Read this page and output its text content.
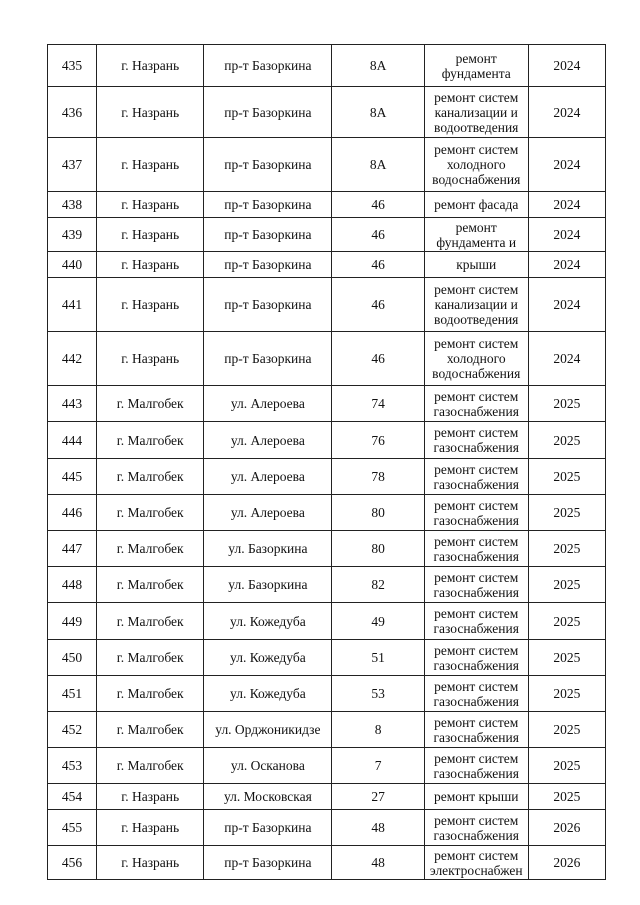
435	г. Назрань	пр-т Базоркина	8А	ремонт фундамента	2024
436	г. Назрань	пр-т Базоркина	8А	ремонт систем канализации и водоотведения	2024
437	г. Назрань	пр-т Базоркина	8А	ремонт систем холодного водоснабжения	2024
438	г. Назрань	пр-т Базоркина	46	ремонт фасада	2024
439	г. Назрань	пр-т Базоркина	46	ремонт фундамента и	2024
440	г. Назрань	пр-т Базоркина	46	крыши	2024
441	г. Назрань	пр-т Базоркина	46	ремонт систем канализации и водоотведения	2024
442	г. Назрань	пр-т Базоркина	46	ремонт систем холодного водоснабжения	2024
443	г. Малгобек	ул. Алероева	74	ремонт систем газоснабжения	2025
444	г. Малгобек	ул. Алероева	76	ремонт систем газоснабжения	2025
445	г. Малгобек	ул. Алероева	78	ремонт систем газоснабжения	2025
446	г. Малгобек	ул. Алероева	80	ремонт систем газоснабжения	2025
447	г. Малгобек	ул. Базоркина	80	ремонт систем газоснабжения	2025
448	г. Малгобек	ул. Базоркина	82	ремонт систем газоснабжения	2025
449	г. Малгобек	ул. Кожедуба	49	ремонт систем газоснабжения	2025
450	г. Малгобек	ул. Кожедуба	51	ремонт систем газоснабжения	2025
451	г. Малгобек	ул. Кожедуба	53	ремонт систем газоснабжения	2025
452	г. Малгобек	ул. Орджоникидзе	8	ремонт систем газоснабжения	2025
453	г. Малгобек	ул. Осканова	7	ремонт систем газоснабжения	2025
454	г. Назрань	ул. Московская	27	ремонт крыши	2025
455	г. Назрань	пр-т Базоркина	48	ремонт систем газоснабжения	2026
456	г. Назрань	пр-т Базоркина	48	ремонт систем электроснабжен	2026
